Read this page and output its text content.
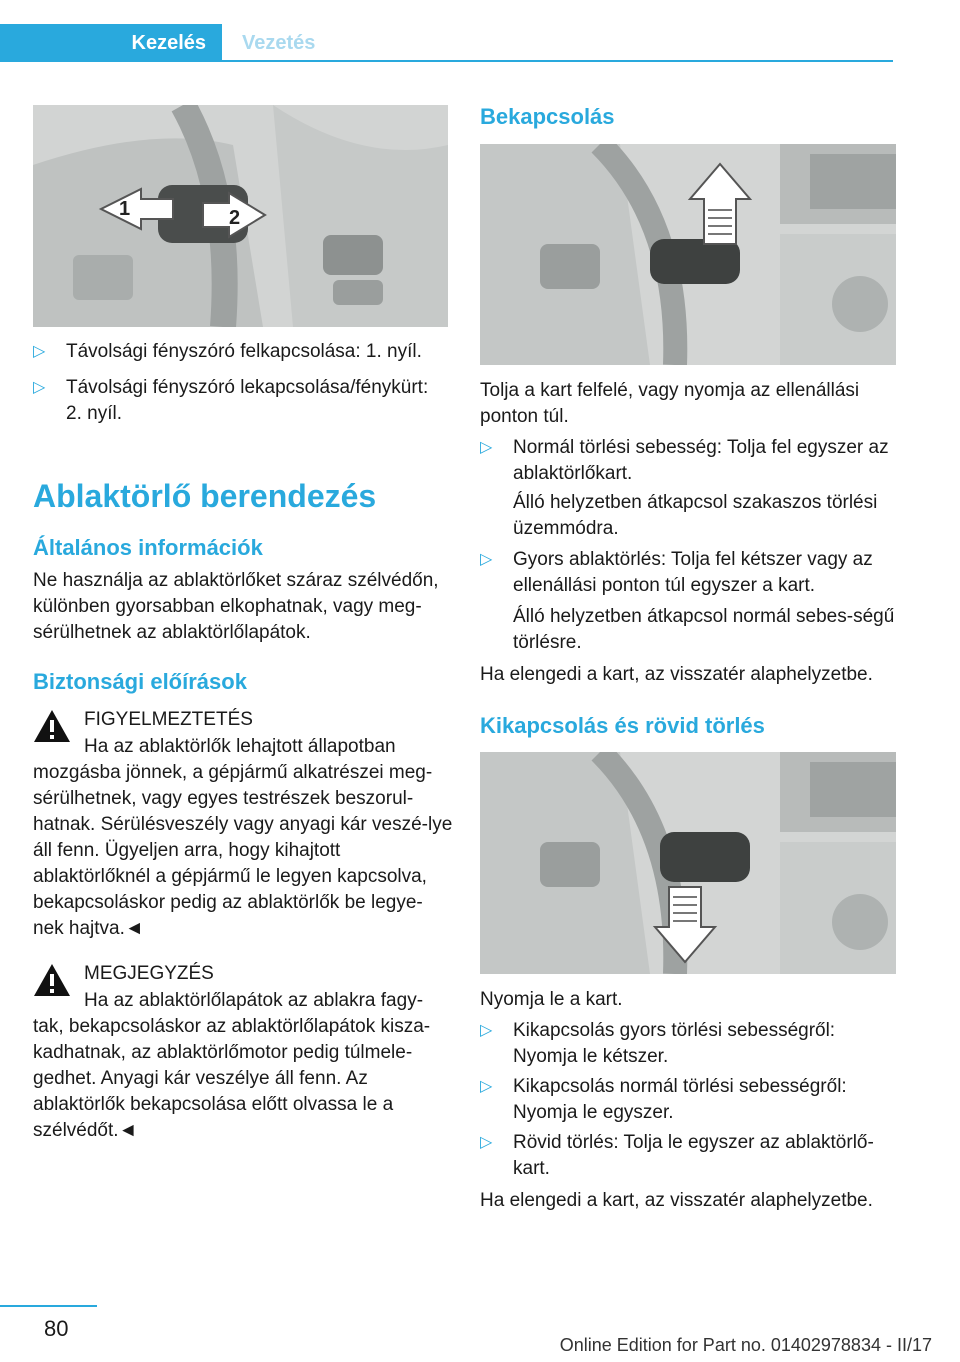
Kezelés	Vezetés
1	2
▷ Távolsági fényszóró felkapcsolása: 1. nyíl.
▷ Távolsági fényszóró lekapcsolása/fénykürt: 2. nyíl.
Ablaktörlő berendezés
Általános információk
Ne használja az ablaktörlőket száraz szélvédőn, különben gyorsabban elkophatnak, vagy meg-sérülhetnek az ablaktörlőlapátok.
Biztonsági előírások
FIGYELMEZTETÉS
Ha az ablaktörlők lehajtott állapotban mozgásba jönnek, a gépjármű alkatrészei meg-sérülhetnek, vagy egyes testrészek beszorul-hatnak. Sérülésveszély vagy anyagi kár veszé-lye áll fenn. Ügyeljen arra, hogy kihajtott ablaktörlőknél a gépjármű le legyen kapcsolva, bekapcsoláskor pedig az ablaktörlők be legye-nek hajtva.◄
MEGJEGYZÉS
Ha az ablaktörlőlapátok az ablakra fagy-tak, bekapcsoláskor az ablaktörlőlapátok kisza-kadhatnak, az ablaktörlőmotor pedig túlmele-gedhet. Anyagi kár veszélye áll fenn. Az ablaktörlők bekapcsolása előtt olvassa le a szélvédőt.◄
Bekapcsolás
Tolja a kart felfelé, vagy nyomja az ellenállási ponton túl.
▷ Normál törlési sebesség: Tolja fel egyszer az ablaktörlőkart.
Álló helyzetben átkapcsol szakaszos törlési üzemmódra.
▷ Gyors ablaktörlés: Tolja fel kétszer vagy az ellenállási ponton túl egyszer a kart.
Álló helyzetben átkapcsol normál sebes-ségű törlésre.
Ha elengedi a kart, az visszatér alaphelyzetbe.
Kikapcsolás és rövid törlés
Nyomja le a kart.
▷ Kikapcsolás gyors törlési sebességről: Nyomja le kétszer.
▷ Kikapcsolás normál törlési sebességről: Nyomja le egyszer.
▷ Rövid törlés: Tolja le egyszer az ablaktörlő-kart.
Ha elengedi a kart, az visszatér alaphelyzetbe.
80
Online Edition for Part no. 01402978834 - II/17
